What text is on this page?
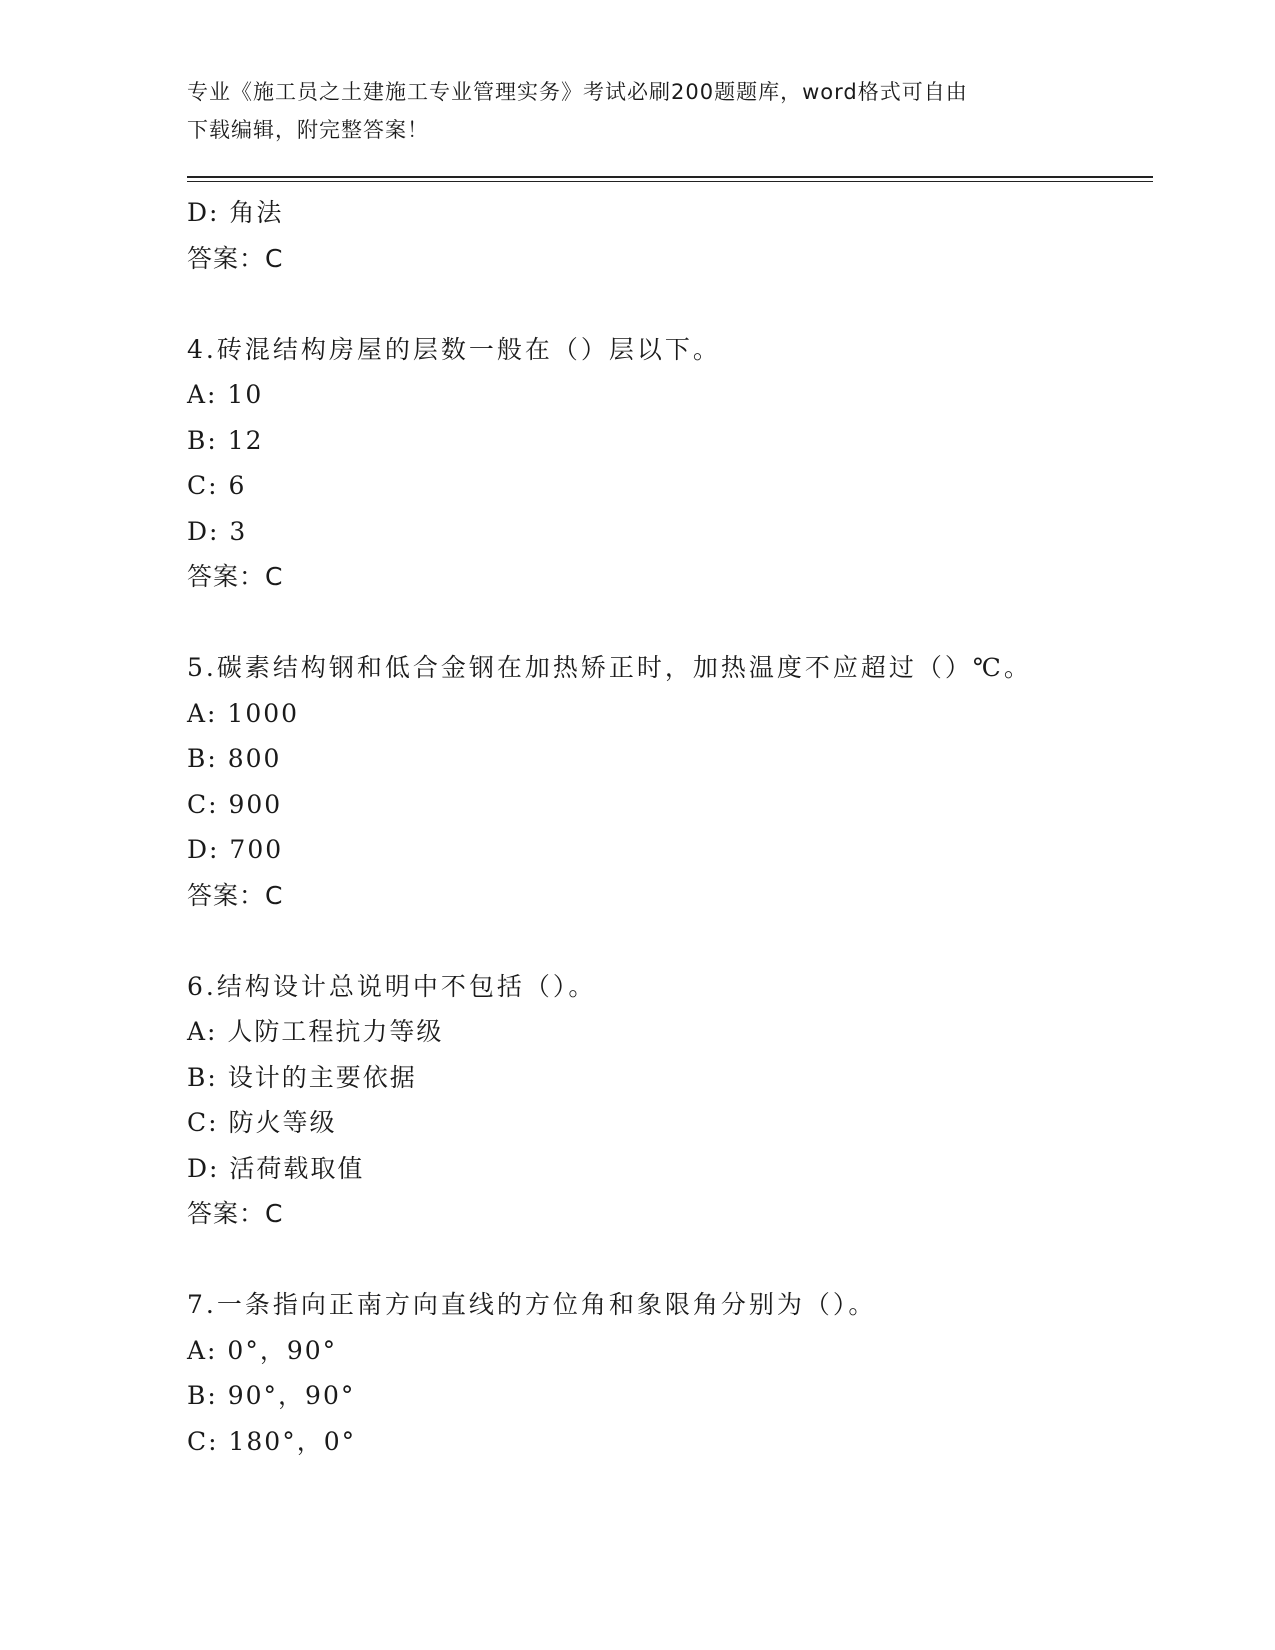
专业《施工员之土建施工专业管理实务》考试必刷200题题库，word格式可自由
下载编辑，附完整答案！
D: 角法
答案：C
4.砖混结构房屋的层数一般在（）层以下。
A: 10
B: 12
C: 6
D: 3
答案：C
5.碳素结构钢和低合金钢在加热矫正时，加热温度不应超过（）℃。
A: 1000
B: 800
C: 900
D: 700
答案：C
6.结构设计总说明中不包括（）。
A: 人防工程抗力等级
B: 设计的主要依据
C: 防火等级
D: 活荷载取值
答案：C
7.一条指向正南方向直线的方位角和象限角分别为（）。
A: 0°，90°
B: 90°，90°
C: 180°，0°
